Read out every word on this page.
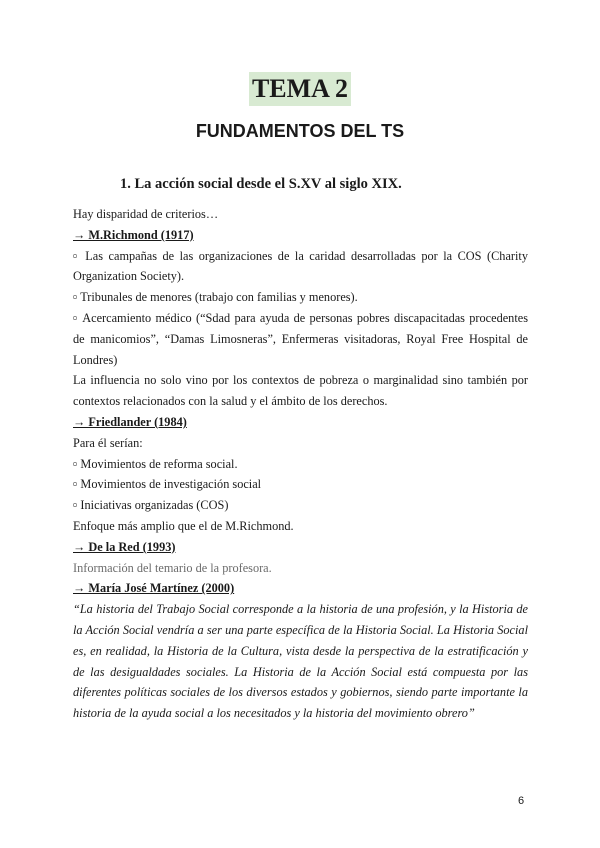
TEMA 2
FUNDAMENTOS DEL TS
1. La acción social desde el S.XV al siglo XIX.

Hay disparidad de criterios…

→ M.Richmond (1917)

▫ Las campañas de las organizaciones de la caridad desarrolladas por la COS (Charity Organization Society).

▫ Tribunales de menores (trabajo con familias y menores).

▫ Acercamiento médico (“Sdad para ayuda de personas pobres discapacitadas procedentes de manicomios”, “Damas Limosneras”, Enfermeras visitadoras, Royal Free Hospital de Londres)

La influencia no solo vino por los contextos de pobreza o marginalidad sino también por contextos relacionados con la salud y el ámbito de los derechos.

→ Friedlander (1984)

Para él serían:

▫ Movimientos de reforma social.

▫ Movimientos de investigación social

▫ Iniciativas organizadas (COS)

Enfoque más amplio que el de M.Richmond.

→ De la Red (1993)

Información del temario de la profesora.

→ María José Martínez (2000)

“La historia del Trabajo Social corresponde a la historia de una profesión, y la Historia de la Acción Social vendría a ser una parte específica de la Historia Social. La Historia Social es, en realidad, la Historia de la Cultura, vista desde la perspectiva de la estratificación y de las desigualdades sociales. La Historia de la Acción Social está compuesta por las diferentes políticas sociales de los diversos estados y gobiernos, siendo parte importante la historia de la ayuda social a los necesitados y la historia del movimiento obrero”

6
